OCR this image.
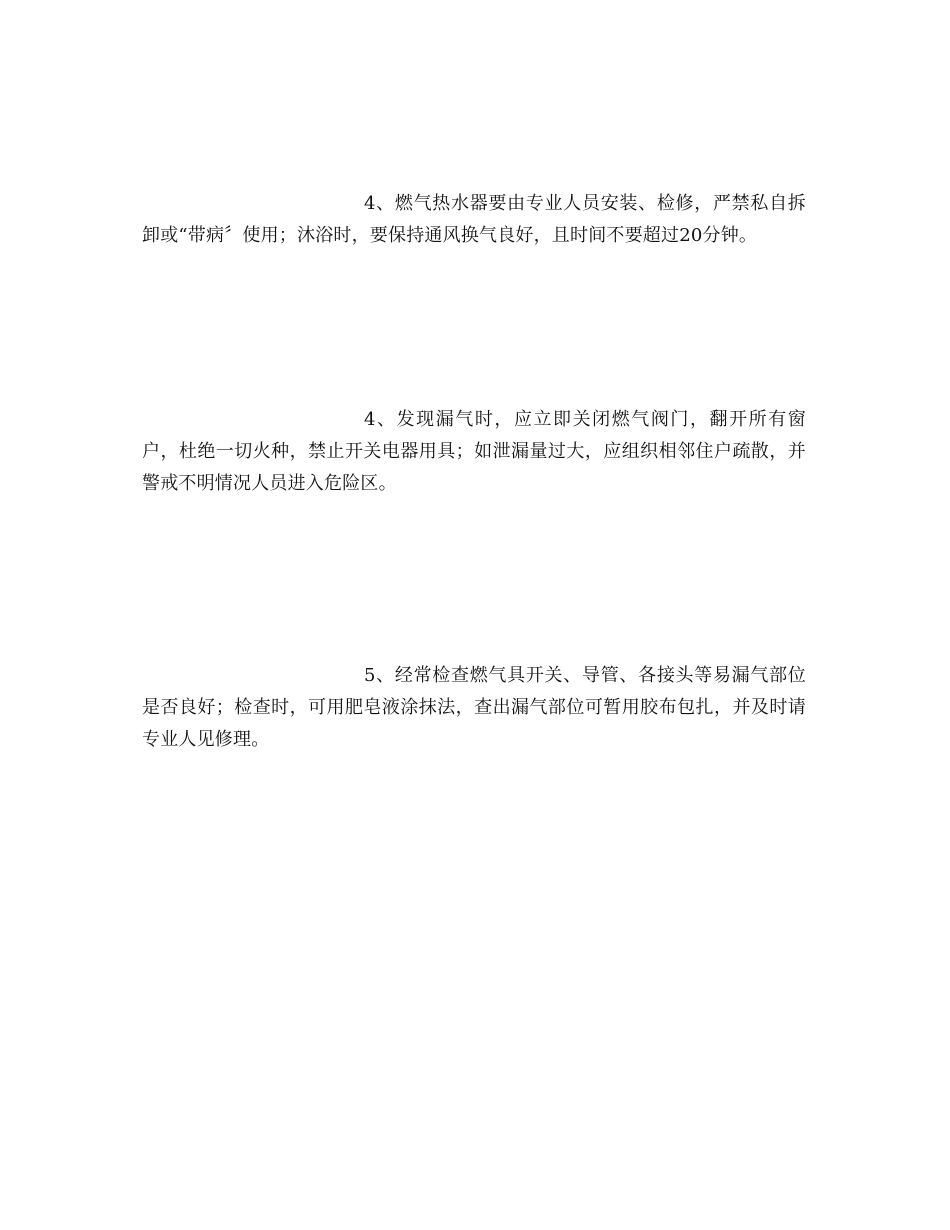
4、燃气热水器要由专业人员安装、检修，严禁私自拆卸或“带病〞使用；沐浴时，要保持通风换气良好，且时间不要超过20分钟。

4、发现漏气时，应立即关闭燃气阀门，翻开所有窗户，杜绝一切火种，禁止开关电器用具；如泄漏量过大，应组织相邻住户疏散，并警戒不明情况人员进入危险区。

5、经常检查燃气具开关、导管、各接头等易漏气部位是否良好；检查时，可用肥皂液涂抹法，查出漏气部位可暂用胶布包扎，并及时请专业人见修理。
